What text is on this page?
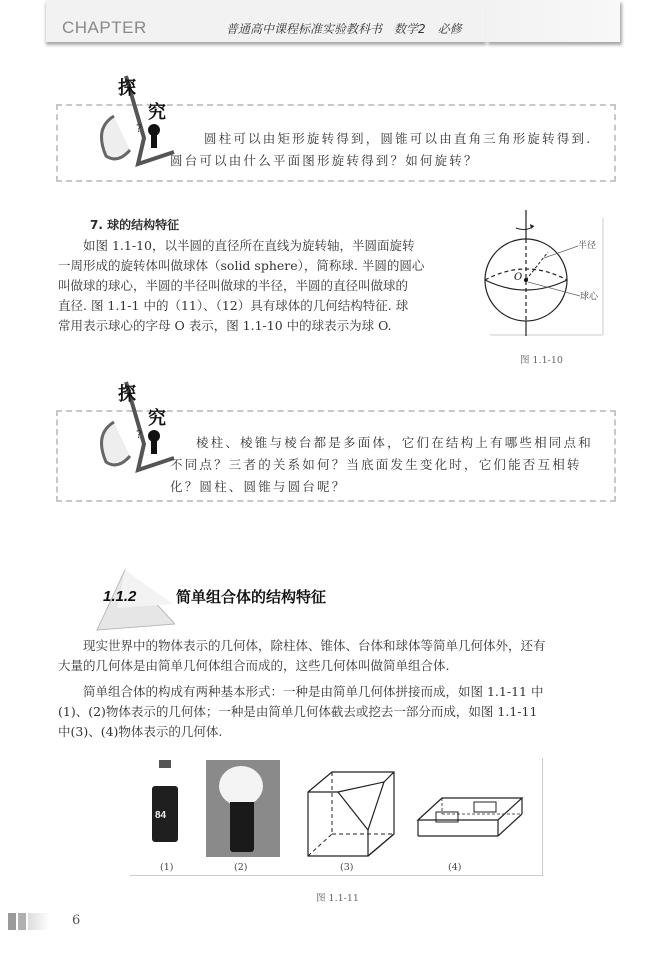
CHAPTER	普通高中课程标准实验教科书　数学2　必修
?
探
究
圆柱可以由矩形旋转得到，圆锥可以由直角三角形旋转得到.
圆台可以由什么平面图形旋转得到？如何旋转？
7. 球的结构特征
如图 1.1-10，以半圆的直径所在直线为旋转轴，半圆面旋转
一周形成的旋转体叫做球体（solid sphere），简称球. 半圆的圆心
叫做球的球心，半圆的半径叫做球的半径，半圆的直径叫做球的
直径. 图 1.1-1 中的（11）、（12）具有球体的几何结构特征. 球
常用表示球心的字母 O 表示，图 1.1-10 中的球表示为球 O.
半径
球心
O
图 1.1-10
?
探
究
棱柱、棱锥与棱台都是多面体，它们在结构上有哪些相同点和
不同点？三者的关系如何？当底面发生变化时，它们能否互相转
化？圆柱、圆锥与圆台呢？
1.1.2	简单组合体的结构特征
现实世界中的物体表示的几何体，除柱体、锥体、台体和球体等简单几何体外，还有
大量的几何体是由简单几何体组合而成的，这些几何体叫做简单组合体.
简单组合体的构成有两种基本形式：一种是由简单几何体拼接而成，如图 1.1-11 中
(1)、(2)物体表示的几何体；一种是由简单几何体截去或挖去一部分而成，如图 1.1-11
中(3)、(4)物体表示的几何体.
84
(1)	(2)	(3)	(4)
图 1.1-11
6
